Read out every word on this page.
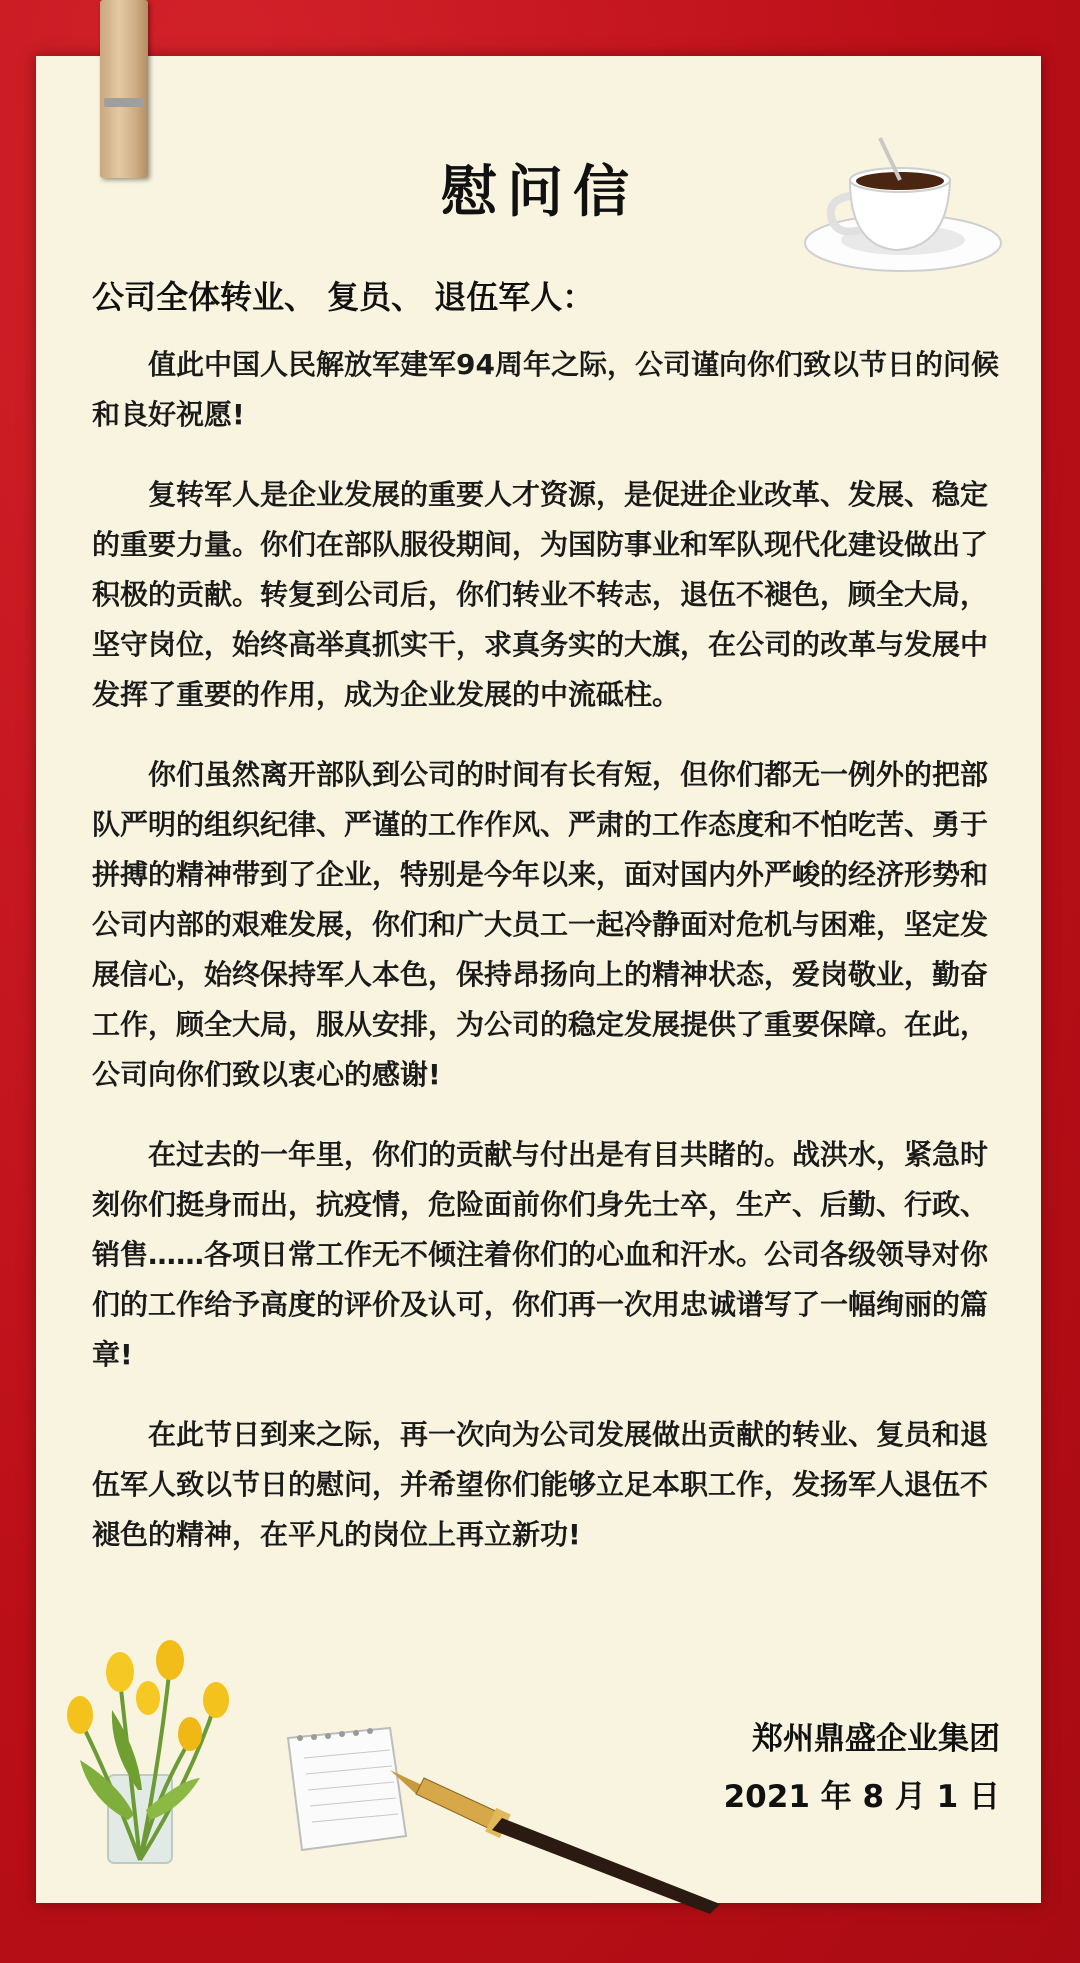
慰问信
公司全体转业、 复员、 退伍军人：

值此中国人民解放军建军94周年之际，公司谨向你们致以节日的问候和良好祝愿!

复转军人是企业发展的重要人才资源，是促进企业改革、发展、稳定的重要力量。你们在部队服役期间，为国防事业和军队现代化建设做出了积极的贡献。转复到公司后，你们转业不转志，退伍不褪色，顾全大局，坚守岗位，始终高举真抓实干，求真务实的大旗，在公司的改革与发展中发挥了重要的作用，成为企业发展的中流砥柱。

你们虽然离开部队到公司的时间有长有短，但你们都无一例外的把部队严明的组织纪律、严谨的工作作风、严肃的工作态度和不怕吃苦、勇于拼搏的精神带到了企业，特别是今年以来，面对国内外严峻的经济形势和公司内部的艰难发展，你们和广大员工一起冷静面对危机与困难，坚定发展信心，始终保持军人本色，保持昂扬向上的精神状态，爱岗敬业，勤奋工作，顾全大局，服从安排，为公司的稳定发展提供了重要保障。在此，公司向你们致以衷心的感谢!

在过去的一年里，你们的贡献与付出是有目共睹的。战洪水，紧急时刻你们挺身而出，抗疫情，危险面前你们身先士卒，生产、后勤、行政、销售……各项日常工作无不倾注着你们的心血和汗水。公司各级领导对你们的工作给予高度的评价及认可，你们再一次用忠诚谱写了一幅绚丽的篇章!

在此节日到来之际，再一次向为公司发展做出贡献的转业、复员和退伍军人致以节日的慰问，并希望你们能够立足本职工作，发扬军人退伍不褪色的精神，在平凡的岗位上再立新功!

郑州鼎盛企业集团
2021 年 8 月 1 日
